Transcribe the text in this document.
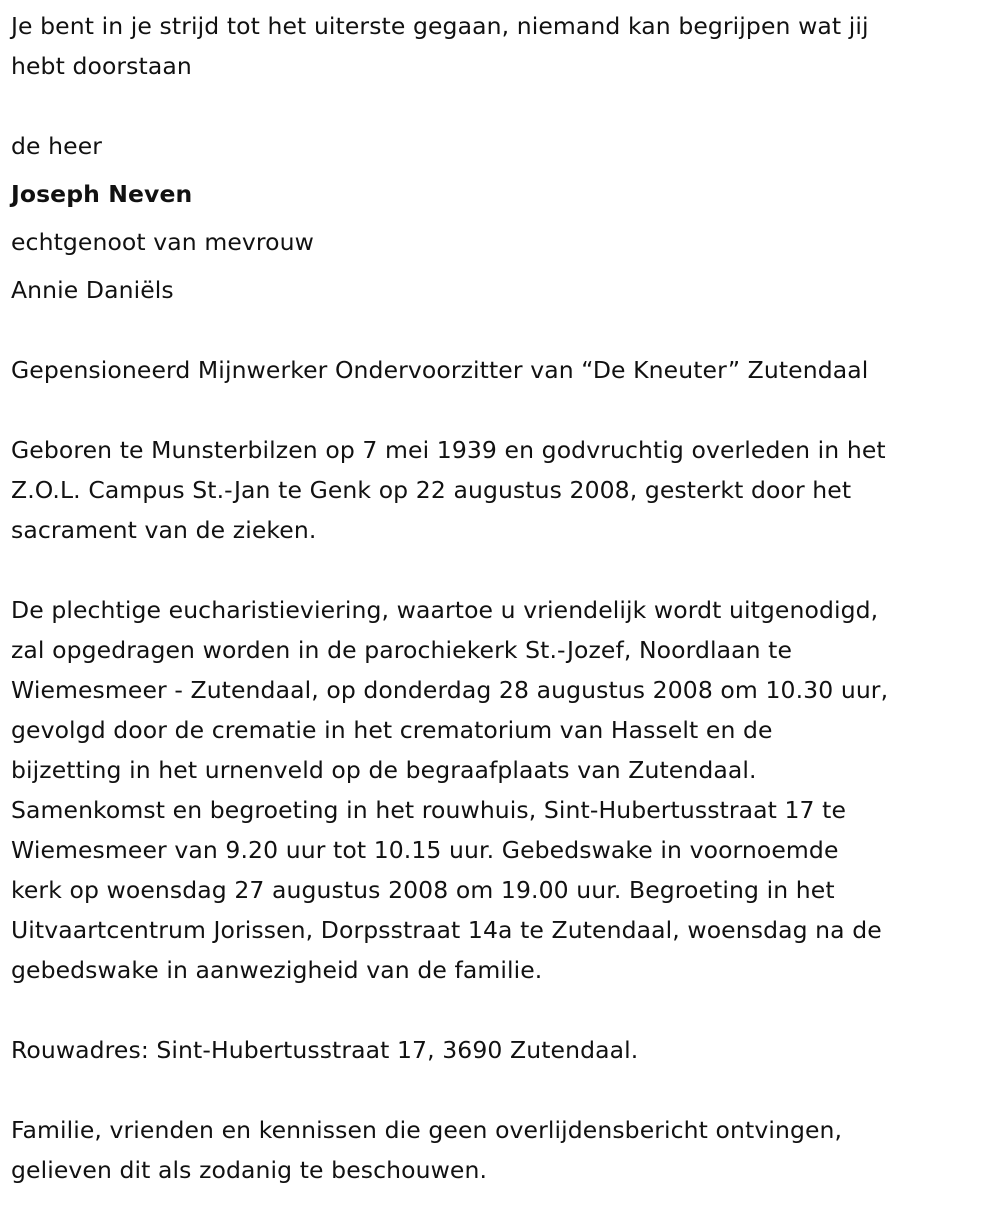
Je bent in je strijd tot het uiterste gegaan, niemand kan begrijpen wat jij

hebt doorstaan

de heer

Joseph Neven

echtgenoot van mevrouw

Annie Daniëls

Gepensioneerd Mijnwerker Ondervoorzitter van “De Kneuter” Zutendaal

Geboren te Munsterbilzen op 7 mei 1939 en godvruchtig overleden in het

Z.O.L. Campus St.-Jan te Genk op 22 augustus 2008, gesterkt door het

sacrament van de zieken.

De plechtige eucharistieviering, waartoe u vriendelijk wordt uitgenodigd,

zal opgedragen worden in de parochiekerk St.-Jozef, Noordlaan te

Wiemesmeer - Zutendaal, op donderdag 28 augustus 2008 om 10.30 uur,

gevolgd door de crematie in het crematorium van Hasselt en de

bijzetting in het urnenveld op de begraafplaats van Zutendaal.

Samenkomst en begroeting in het rouwhuis, Sint-Hubertusstraat 17 te

Wiemesmeer van 9.20 uur tot 10.15 uur. Gebedswake in voornoemde

kerk op woensdag 27 augustus 2008 om 19.00 uur. Begroeting in het

Uitvaartcentrum Jorissen, Dorpsstraat 14a te Zutendaal, woensdag na de

gebedswake in aanwezigheid van de familie.

Rouwadres: Sint-Hubertusstraat 17, 3690 Zutendaal.

Familie, vrienden en kennissen die geen overlijdensbericht ontvingen,

gelieven dit als zodanig te beschouwen.
